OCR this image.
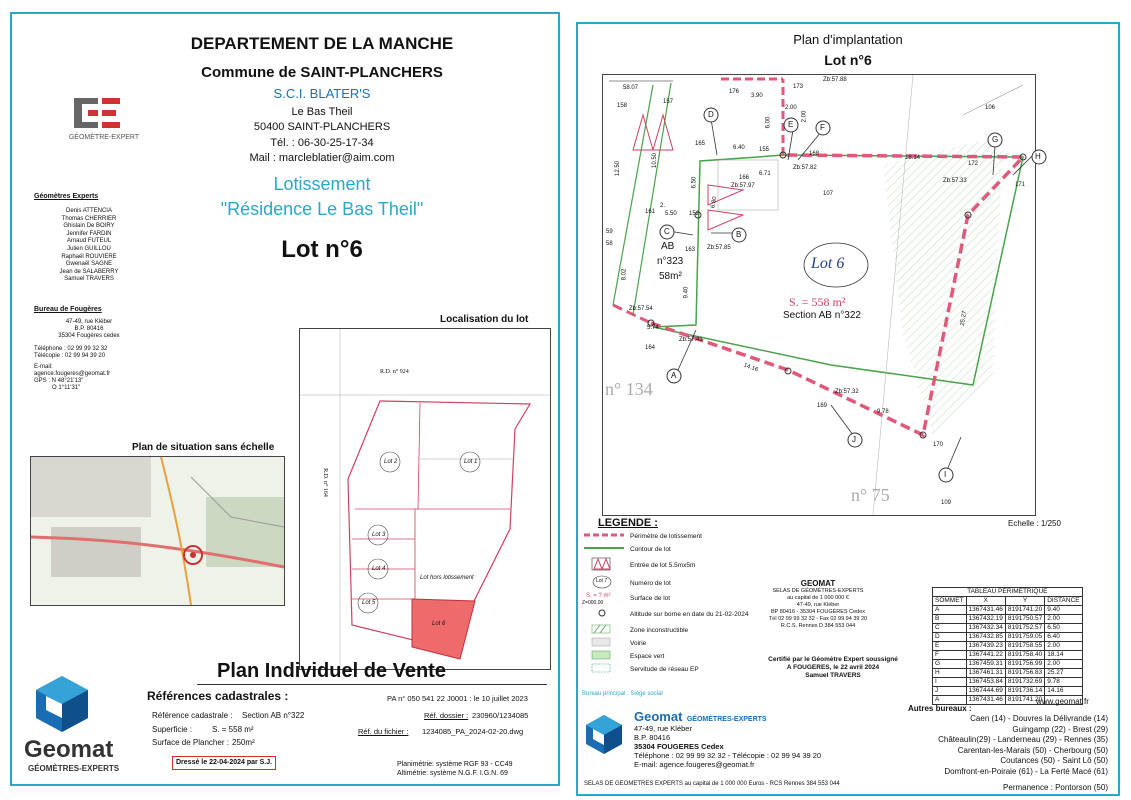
DEPARTEMENT DE LA MANCHE
Commune de SAINT-PLANCHERS
S.C.I. BLATER'S
Le Bas Theil
50400 SAINT-PLANCHERS
Tél. : 06-30-25-17-34
Mail : marcleblatier@aim.com
Lotissement
"Résidence Le Bas Theil"
Lot n°6
GÉOMÈTRE-EXPERT
Géomètres Experts
Denis ATTENCIA
Thomas CHERRIER
Ghislain De BOIRY
Jennifer FARDIN
Arnaud FUTEUL
Julien GUILLOU
Raphaël ROUVIERE
Gwenaël SAGNE
Jean de SALABERRY
Samuel TRAVERS
Bureau de Fougères
47-49, rue Kléber
B.P. 80416
35304 Fougères cedex
Téléphone : 02 99 99 32 32
Télécopie : 02 99 94 39 20
E-mail:
agence.fougeres@geomat.fr
GPS : N 48°21'13"
O 1°11'31"
Localisation du lot
R.D. n° 924
R.D. n° 164
Lot 2	Lot 1
Lot 3
Lot 4
Lot 5
Lot 6
Lot hors lotissement
Plan de situation sans échelle
Plan Individuel de Vente
Références cadastrales :
Référence cadastrale : Section AB n°322
Superficie : S. = 558 m²
Surface de Plancher : 250m²
PA n° 050 541 22 J0001 : le 10 juillet 2023
Réf. dossier : 230960/1234085
Réf. du fichier : 1234085_PA_2024-02-20.dwg
Dressé le 22-04-2024 par S.J.	Planimétrie: système RGF 93 - CC49
Altimétrie: système N.G.F. I.G.N. 69
Geomat
GÉOMÈTRES-EXPERTS
Plan d'implantation
Lot n°6
A
B
C
D
E	F
G
H
I
J
Lot 6
S. = 558 m²
Section AB n°322
AB
n°323
58m²
n° 134
n° 75
58.07	173
176
3.90
2.00
Zb:57.88
158
157
106
10.50
12.50
165
6.40 155
168
18.14
172
171
Zb:57.82
Zb:57.33
6.00
6.71
2.00
166
Zb:57.97
107
6.50
6.80
161 5.50 152
Zb:57.85
163
59
58
8.02
9.40
Zb:57.54
25.27
5.74
164
Zb:57.41
14.16
Zb:57.32
169
9.78
170
109
2.
Echelle : 1/250
LEGENDE :
Périmètre de lotissement
Contour de lot
Entrée de lot 5.5mx5m
Lot 7	Numéro de lot
S. = ? m²	Surface de lot
Z=000.00
Altitude sur borne en date du 21-02-2024
Zone inconstructible
Voirie
Espace vert
Servitude de réseau EP
GEOMAT
SELAS DE GÉOMÈTRES-EXPERTS
au capital de 1 000 000 €
47-49, rue Kléber
BP 80416 - 35304 FOUGÈRES Cedex
Tél 02 99 99 32 32 - Fax 02 99 94 39 20
R.C.S. Rennes D 384 553 044
Certifié par le Géomètre Expert soussigné
A FOUGERES, le 22 avril 2024
Samuel TRAVERS
TABLEAU PÉRIMÉTRIQUE			
SOMMET	X	Y	DISTANCE
A	1367431.46	8191741.20	9.40
B	1367432.19	8191750.57	2.00
C	1367432.34	8191752.57	6.50
D	1367432.85	8191759.05	6.40
E	1367439.23	8191758.55	2.00
F	1367441.22	8191758.40	18.14
G	1367459.31	8191756.99	2.00
H	1367461.31	8191756.83	25.27
I	1367453.84	8191732.69	9.78
J	1367444.69	8191736.14	14.16
A	1367431.46	8191741.20	
Bureau principal : Siège social
www.geomat.fr
Geomat GÉOMÈTRES-EXPERTS
47-49, rue Kléber
B.P. 80416
35304 FOUGERES Cedex
Téléphone : 02 99 99 32 32 - Télécopie : 02 99 94 39 20
E-mail: agence.fougeres@geomat.fr
Autres bureaux :
Caen (14) - Douvres la Délivrande (14)
Guingamp (22) - Brest (29)
Châteaulin(29) - Landerneau (29) - Rennes (35)
Carentan-les-Marais (50) - Cherbourg (50)
Coutances (50) - Saint Lô (50)
Domfront-en-Poiraie (61) - La Ferté Macé (61)
Permanence : Pontorson (50)
SELAS DE GEOMETRES EXPERTS au capital de 1 000 000 Euros - RCS Rennes 384 553 044
